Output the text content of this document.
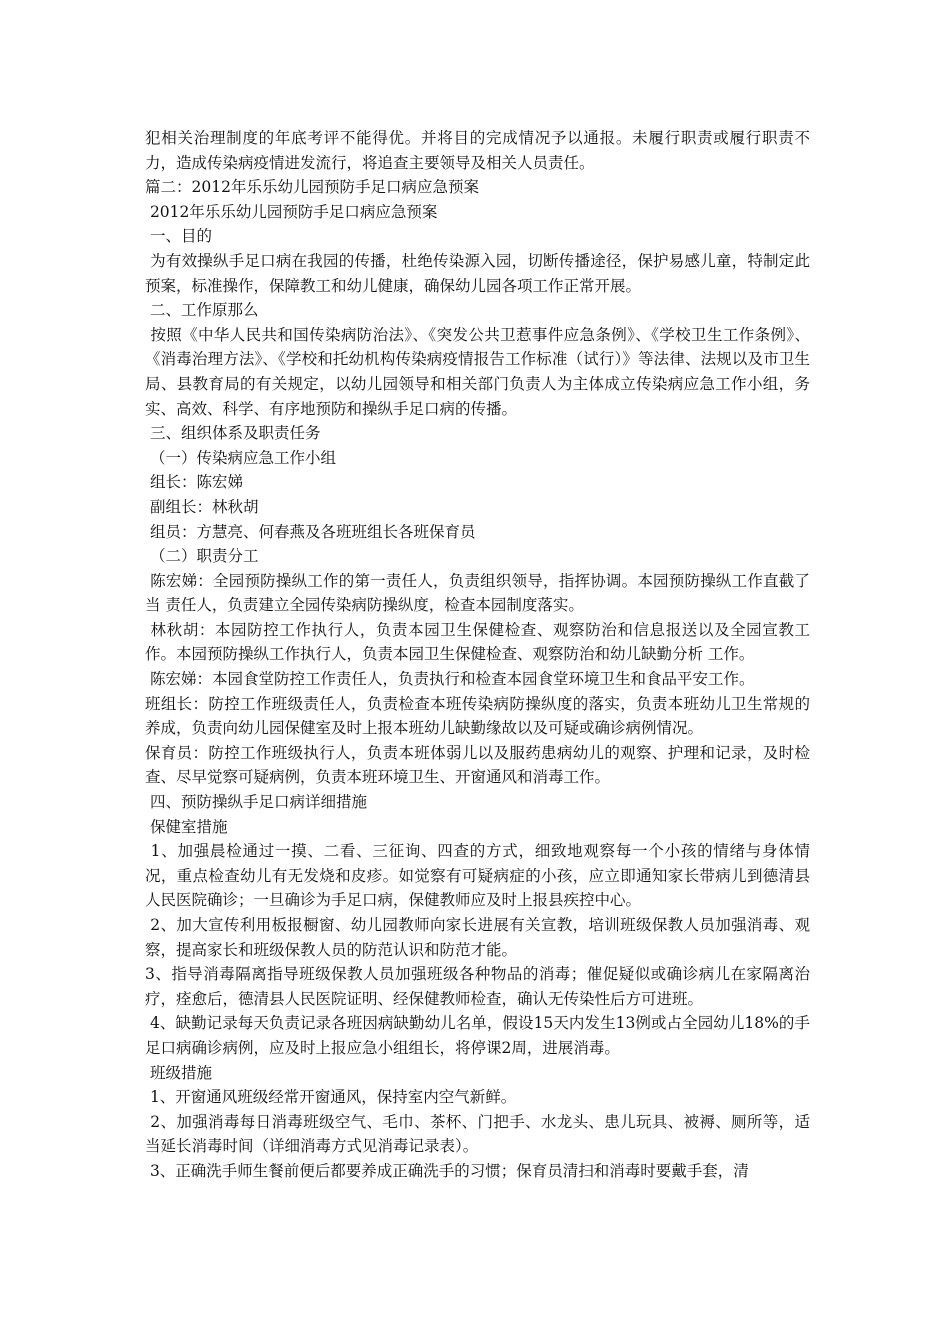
犯相关治理制度的年底考评不能得优。并将目的完成情况予以通报。未履行职责或履行职责不力，造成传染病疫情进发流行，将追查主要领导及相关人员责任。

篇二：2012年乐乐幼儿园预防手足口病应急预案

2012年乐乐幼儿园预防手足口病应急预案

一、目的

为有效操纵手足口病在我园的传播，杜绝传染源入园，切断传播途径，保护易感儿童，特制定此预案，标准操作，保障教工和幼儿健康，确保幼儿园各项工作正常开展。

二、工作原那么

按照《中华人民共和国传染病防治法》、《突发公共卫惹事件应急条例》、《学校卫生工作条例》、《消毒治理方法》、《学校和托幼机构传染病疫情报告工作标准（试行）》等法律、法规以及市卫生局、县教育局的有关规定，以幼儿园领导和相关部门负责人为主体成立传染病应急工作小组，务实、高效、科学、有序地预防和操纵手足口病的传播。

三、组织体系及职责任务

（一）传染病应急工作小组

组长：陈宏娣

副组长：林秋胡

组员：方慧亮、何春燕及各班班组长各班保育员

（二）职责分工

陈宏娣：全园预防操纵工作的第一责任人，负责组织领导，指挥协调。本园预防操纵工作直截了当 责任人，负责建立全园传染病防操纵度，检查本园制度落实。

林秋胡：本园防控工作执行人，负责本园卫生保健检查、观察防治和信息报送以及全园宣教工作。本园预防操纵工作执行人，负责本园卫生保健检查、观察防治和幼儿缺勤分析 工作。

陈宏娣：本园食堂防控工作责任人，负责执行和检查本园食堂环境卫生和食品平安工作。

班组长：防控工作班级责任人，负责检查本班传染病防操纵度的落实，负责本班幼儿卫生常规的养成，负责向幼儿园保健室及时上报本班幼儿缺勤缘故以及可疑或确诊病例情况。

保育员：防控工作班级执行人，负责本班体弱儿以及服药患病幼儿的观察、护理和记录，及时检查、尽早觉察可疑病例，负责本班环境卫生、开窗通风和消毒工作。

四、预防操纵手足口病详细措施

保健室措施

1、加强晨检通过一摸、二看、三征询、四查的方式，细致地观察每一个小孩的情绪与身体情况，重点检查幼儿有无发烧和皮疹。如觉察有可疑病症的小孩，应立即通知家长带病儿到德清县人民医院确诊；一旦确诊为手足口病，保健教师应及时上报县疾控中心。

2、加大宣传利用板报橱窗、幼儿园教师向家长进展有关宣教，培训班级保教人员加强消毒、观察，提高家长和班级保教人员的防范认识和防范才能。

3、指导消毒隔离指导班级保教人员加强班级各种物品的消毒；催促疑似或确诊病儿在家隔离治疗，痊愈后，德清县人民医院证明、经保健教师检查，确认无传染性后方可进班。

4、缺勤记录每天负责记录各班因病缺勤幼儿名单，假设15天内发生13例或占全园幼儿18%的手足口病确诊病例，应及时上报应急小组组长，将停课2周，进展消毒。

班级措施

1、开窗通风班级经常开窗通风，保持室内空气新鲜。

2、加强消毒每日消毒班级空气、毛巾、茶杯、门把手、水龙头、患儿玩具、被褥、厕所等，适当延长消毒时间（详细消毒方式见消毒记录表）。

3、正确洗手师生餐前便后都要养成正确洗手的习惯；保育员清扫和消毒时要戴手套，清
